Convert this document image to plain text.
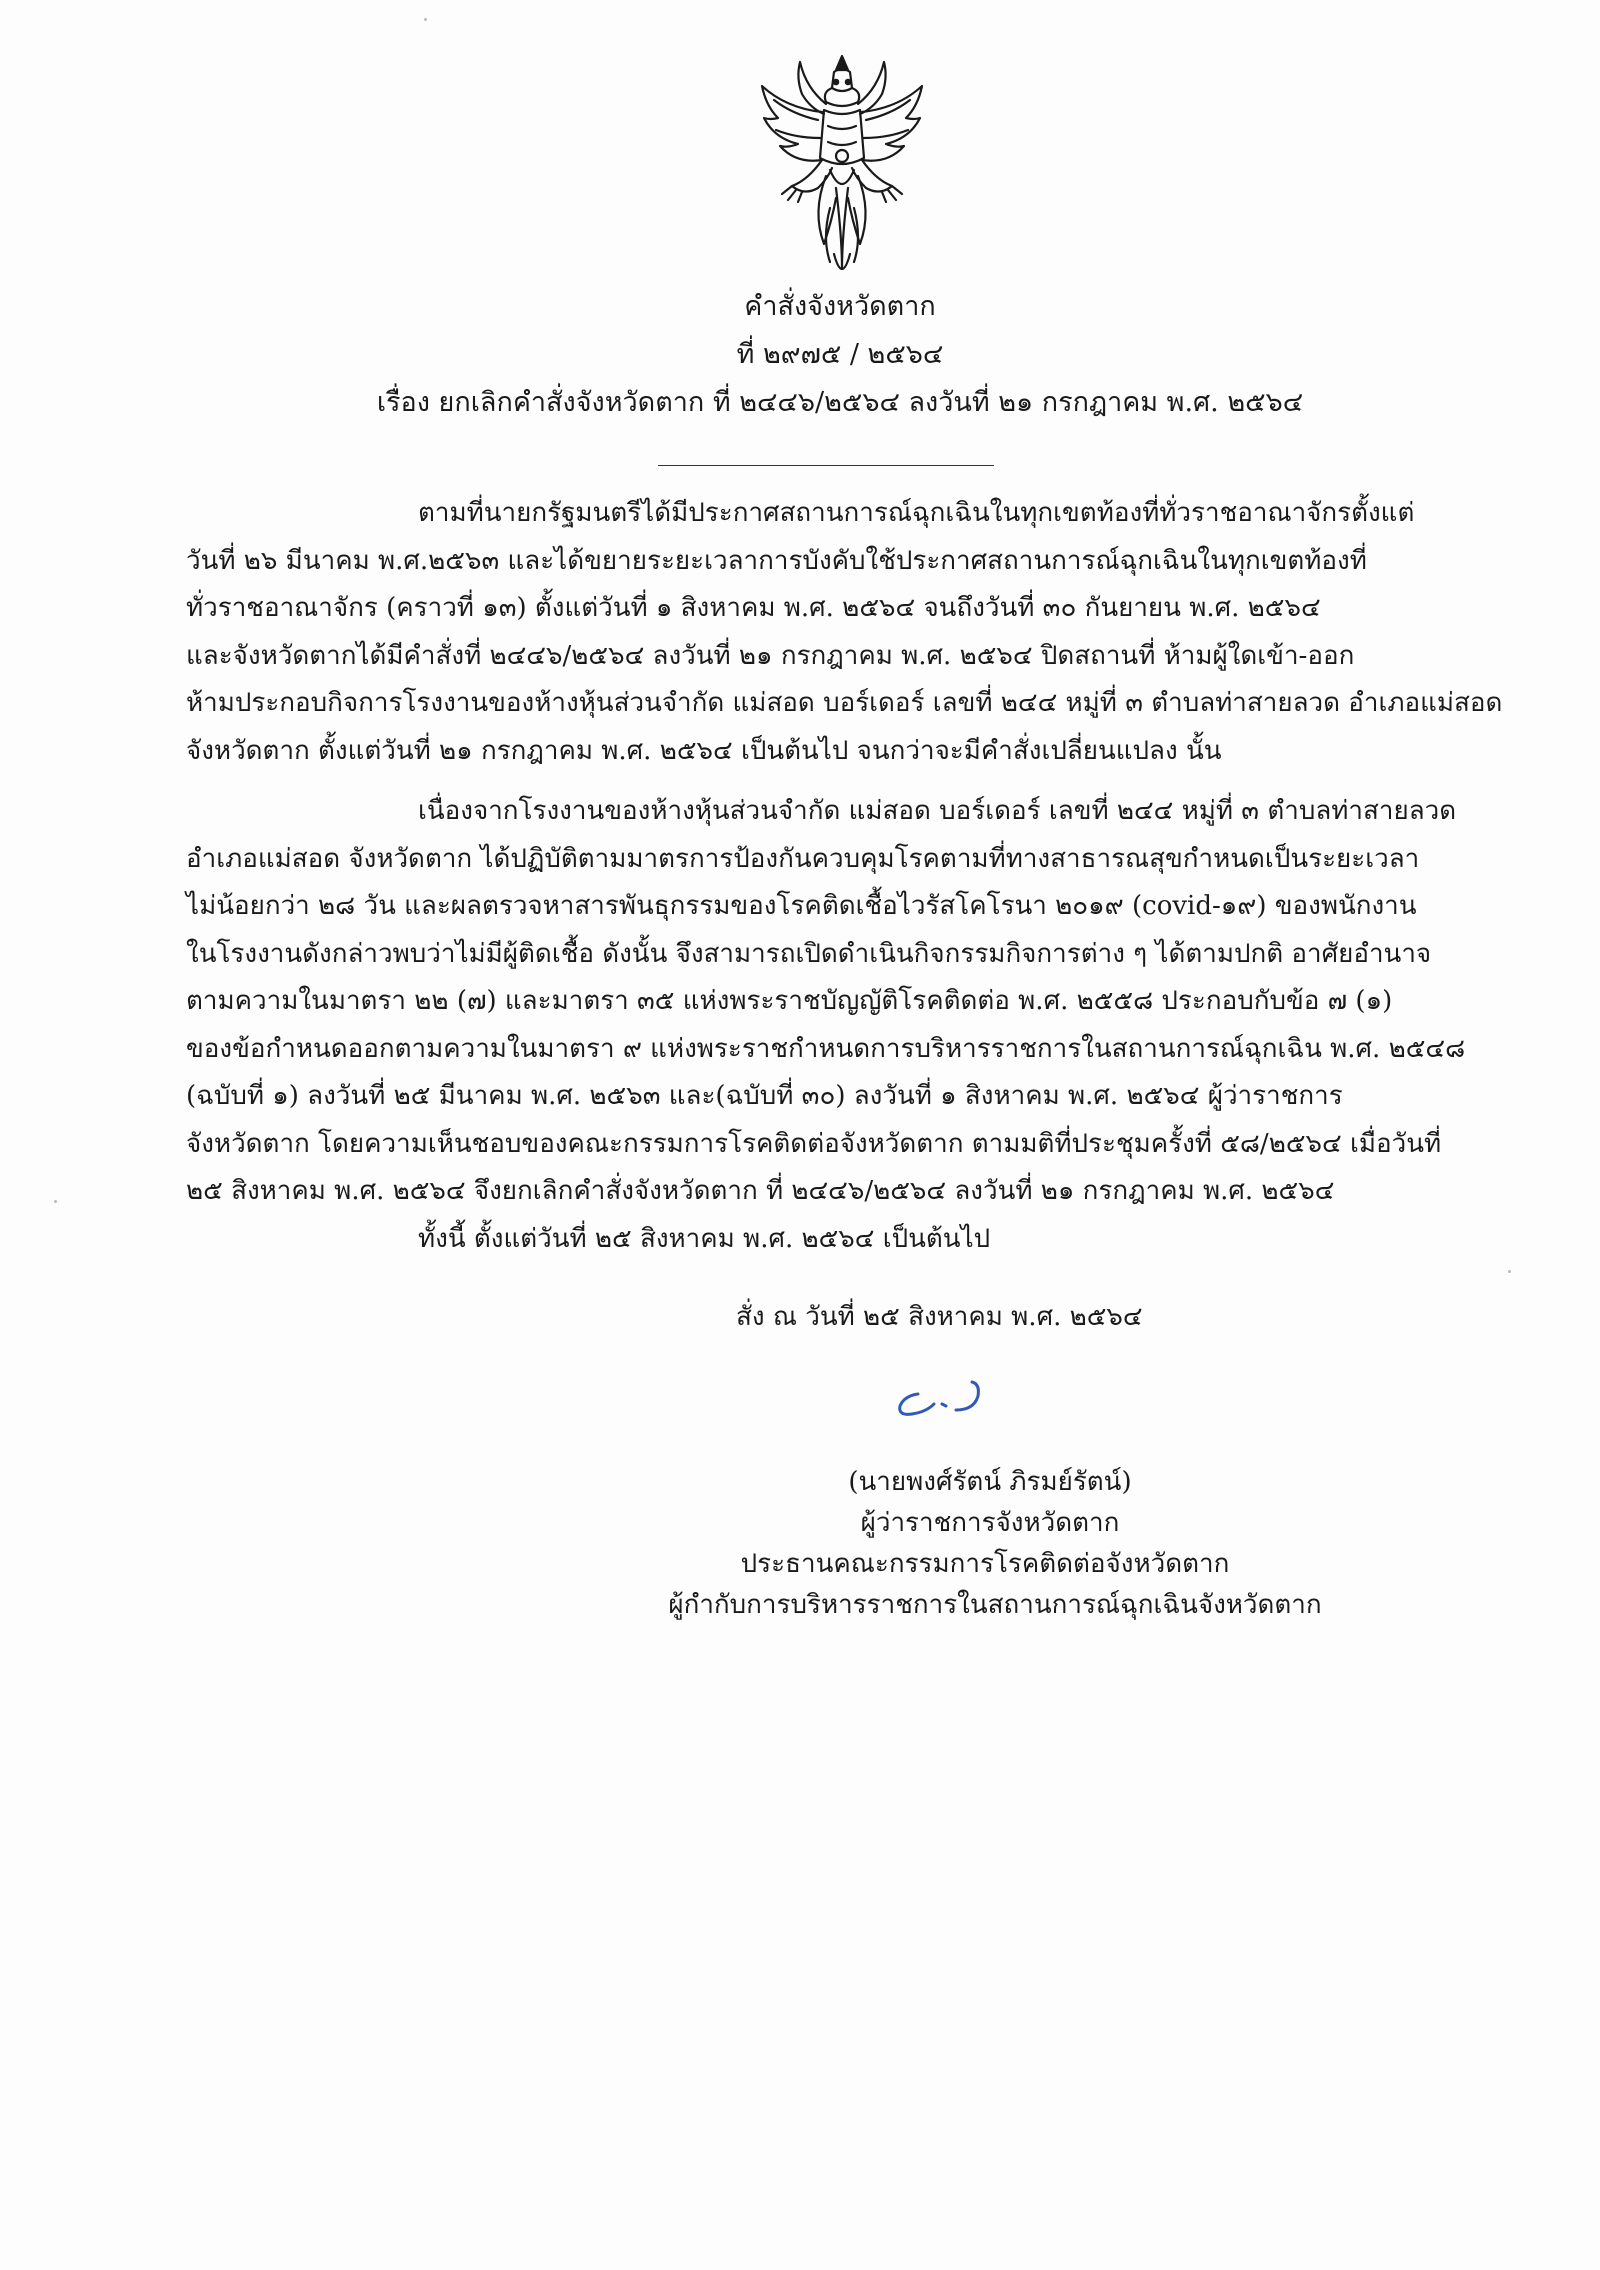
คำสั่งจังหวัดตาก
ที่ ๒๙๗๕ / ๒๕๖๔
เรื่อง ยกเลิกคำสั่งจังหวัดตาก ที่ ๒๔๔๖/๒๕๖๔ ลงวันที่ ๒๑ กรกฎาคม พ.ศ. ๒๕๖๔
ตามที่นายกรัฐมนตรีได้มีประกาศสถานการณ์ฉุกเฉินในทุกเขตท้องที่ทั่วราชอาณาจักรตั้งแต่
วันที่ ๒๖ มีนาคม พ.ศ.๒๕๖๓ และได้ขยายระยะเวลาการบังคับใช้ประกาศสถานการณ์ฉุกเฉินในทุกเขตท้องที่
ทั่วราชอาณาจักร (คราวที่ ๑๓) ตั้งแต่วันที่ ๑ สิงหาคม พ.ศ. ๒๕๖๔ จนถึงวันที่ ๓๐ กันยายน พ.ศ. ๒๕๖๔
และจังหวัดตากได้มีคำสั่งที่ ๒๔๔๖/๒๕๖๔ ลงวันที่ ๒๑ กรกฎาคม พ.ศ. ๒๕๖๔ ปิดสถานที่ ห้ามผู้ใดเข้า-ออก
ห้ามประกอบกิจการโรงงานของห้างหุ้นส่วนจำกัด แม่สอด บอร์เดอร์ เลขที่ ๒๔๔ หมู่ที่ ๓ ตำบลท่าสายลวด อำเภอแม่สอด
จังหวัดตาก ตั้งแต่วันที่ ๒๑ กรกฎาคม พ.ศ. ๒๕๖๔ เป็นต้นไป จนกว่าจะมีคำสั่งเปลี่ยนแปลง นั้น
เนื่องจากโรงงานของห้างหุ้นส่วนจำกัด แม่สอด บอร์เดอร์ เลขที่ ๒๔๔ หมู่ที่ ๓ ตำบลท่าสายลวด
อำเภอแม่สอด จังหวัดตาก ได้ปฏิบัติตามมาตรการป้องกันควบคุมโรคตามที่ทางสาธารณสุขกำหนดเป็นระยะเวลา
ไม่น้อยกว่า ๒๘ วัน และผลตรวจหาสารพันธุกรรมของโรคติดเชื้อไวรัสโคโรนา ๒๐๑๙ (covid-๑๙) ของพนักงาน
ในโรงงานดังกล่าวพบว่าไม่มีผู้ติดเชื้อ ดังนั้น จึงสามารถเปิดดำเนินกิจกรรมกิจการต่าง ๆ ได้ตามปกติ อาศัยอำนาจ
ตามความในมาตรา ๒๒ (๗) และมาตรา ๓๕ แห่งพระราชบัญญัติโรคติดต่อ พ.ศ. ๒๕๕๘ ประกอบกับข้อ ๗ (๑)
ของข้อกำหนดออกตามความในมาตรา ๙ แห่งพระราชกำหนดการบริหารราชการในสถานการณ์ฉุกเฉิน พ.ศ. ๒๕๔๘
(ฉบับที่ ๑) ลงวันที่ ๒๕ มีนาคม พ.ศ. ๒๕๖๓ และ(ฉบับที่ ๓๐) ลงวันที่ ๑ สิงหาคม พ.ศ. ๒๕๖๔ ผู้ว่าราชการ
จังหวัดตาก โดยความเห็นชอบของคณะกรรมการโรคติดต่อจังหวัดตาก ตามมติที่ประชุมครั้งที่ ๕๘/๒๕๖๔ เมื่อวันที่
๒๕ สิงหาคม พ.ศ. ๒๕๖๔ จึงยกเลิกคำสั่งจังหวัดตาก ที่ ๒๔๔๖/๒๕๖๔ ลงวันที่ ๒๑ กรกฎาคม พ.ศ. ๒๕๖๔
ทั้งนี้ ตั้งแต่วันที่ ๒๕ สิงหาคม พ.ศ. ๒๕๖๔ เป็นต้นไป
สั่ง ณ วันที่ ๒๕ สิงหาคม พ.ศ. ๒๕๖๔
(นายพงศ์รัตน์ ภิรมย์รัตน์)
ผู้ว่าราชการจังหวัดตาก
ประธานคณะกรรมการโรคติดต่อจังหวัดตาก
ผู้กำกับการบริหารราชการในสถานการณ์ฉุกเฉินจังหวัดตาก
